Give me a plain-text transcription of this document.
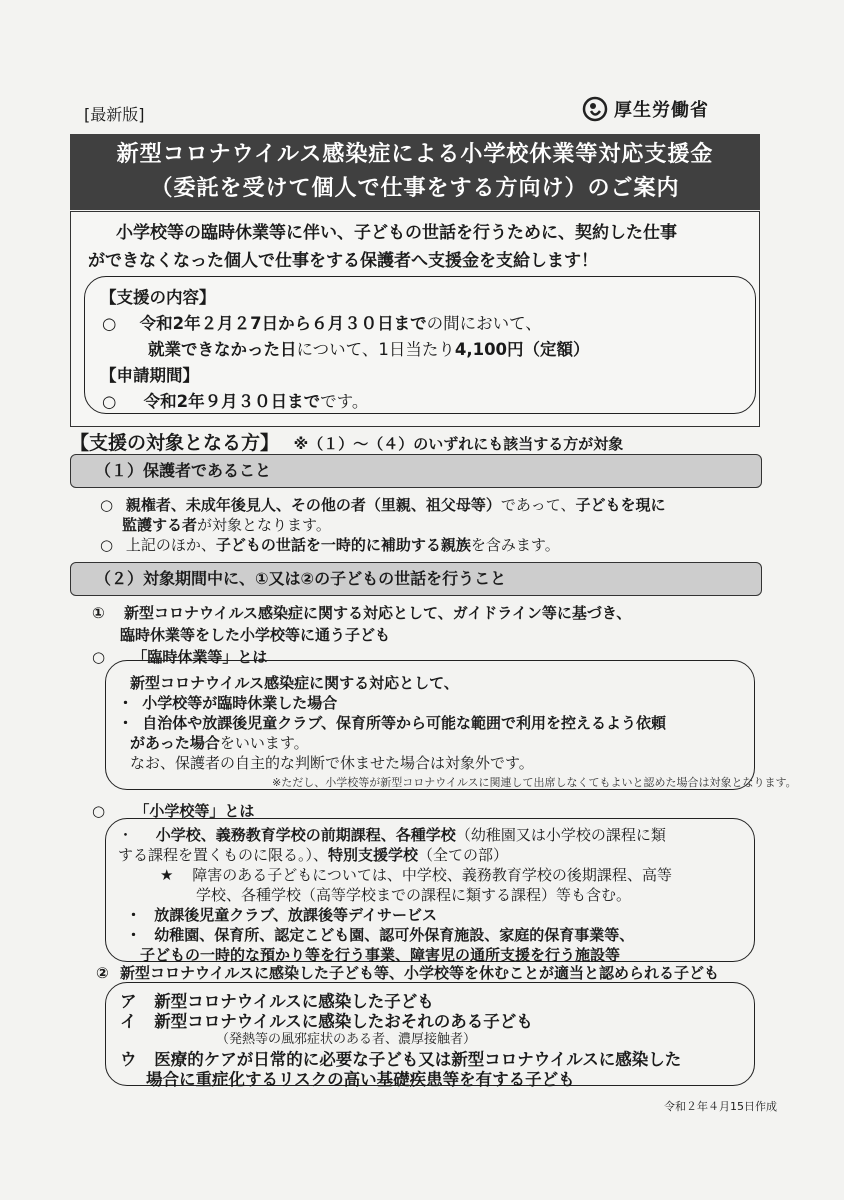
[最新版]	厚生労働省
新型コロナウイルス感染症による小学校休業等対応支援金
（委託を受けて個人で仕事をする方向け）のご案内
小学校等の臨時休業等に伴い、子どもの世話を行うために、契約した仕事
ができなくなった個人で仕事をする保護者へ支援金を支給します！
【支援の内容】
○ 令和2年２月２7日から６月３０日までの間において、
就業できなかった日について、1日当たり4,100円（定額）
【申請期間】
○ 令和2年９月３０日までです。
【支援の対象となる方】 ※（１）～（４）のいずれにも該当する方が対象
（１）保護者であること
○ 親権者、未成年後見人、その他の者（里親、祖父母等）であって、子どもを現に
監護する者が対象となります。
○ 上記のほか、子どもの世話を一時的に補助する親族を含みます。
（２）対象期間中に、①又は②の子どもの世話を行うこと
① 新型コロナウイルス感染症に関する対応として、ガイドライン等に基づき、
臨時休業等をした小学校等に通う子ども
○ 「臨時休業等」とは
新型コロナウイルス感染症に関する対応として、
・ 小学校等が臨時休業した場合
・ 自治体や放課後児童クラブ、保育所等から可能な範囲で利用を控えるよう依頼
があった場合をいいます。
なお、保護者の自主的な判断で休ませた場合は対象外です。
※ただし、小学校等が新型コロナウイルスに関連して出席しなくてもよいと認めた場合は対象となります。
○ 「小学校等」とは
・ 小学校、義務教育学校の前期課程、各種学校（幼稚園又は小学校の課程に類
する課程を置くものに限る。）、特別支援学校（全ての部）
★ 障害のある子どもについては、中学校、義務教育学校の後期課程、高等
学校、各種学校（高等学校までの課程に類する課程）等も含む。
・ 放課後児童クラブ、放課後等デイサービス
・ 幼稚園、保育所、認定こども園、認可外保育施設、家庭的保育事業等、
子どもの一時的な預かり等を行う事業、障害児の通所支援を行う施設等
② 新型コロナウイルスに感染した子ども等、小学校等を休むことが適当と認められる子ども
ア 新型コロナウイルスに感染した子ども
イ 新型コロナウイルスに感染したおそれのある子ども
（発熱等の風邪症状のある者、濃厚接触者）
ウ 医療的ケアが日常的に必要な子ども又は新型コロナウイルスに感染した
場合に重症化するリスクの高い基礎疾患等を有する子ども
令和２年４月15日作成
